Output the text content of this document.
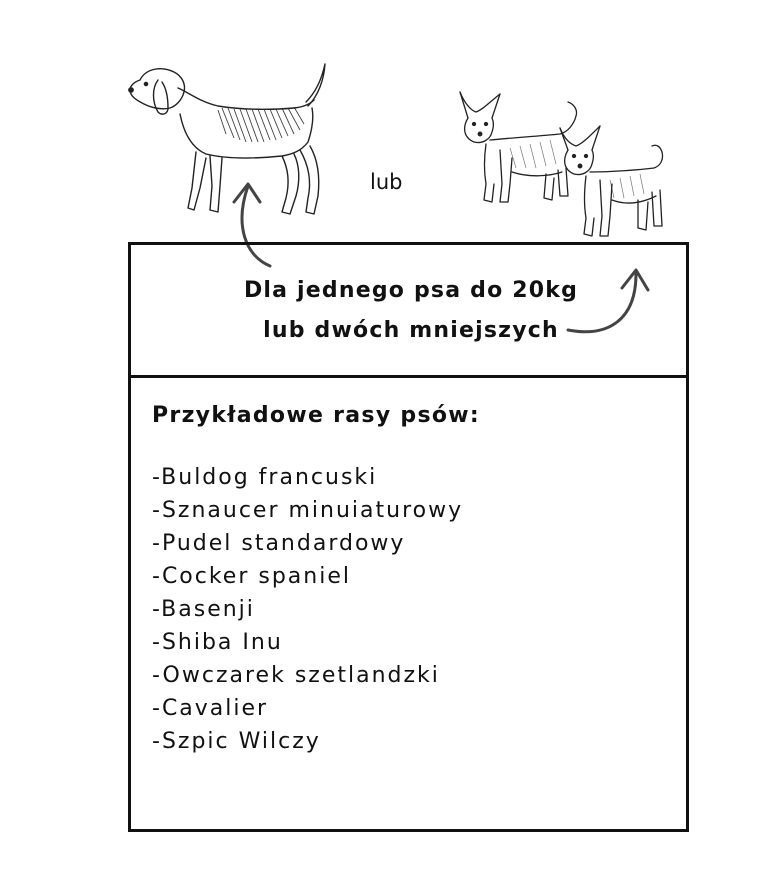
lub
Dla jednego psa do 20kg
lub dwóch mniejszych
Przykładowe rasy psów:
-Buldog francuski
-Sznaucer minuiaturowy
-Pudel standardowy
-Cocker spaniel
-Basenji
-Shiba Inu
-Owczarek szetlandzki
-Cavalier
-Szpic Wilczy
